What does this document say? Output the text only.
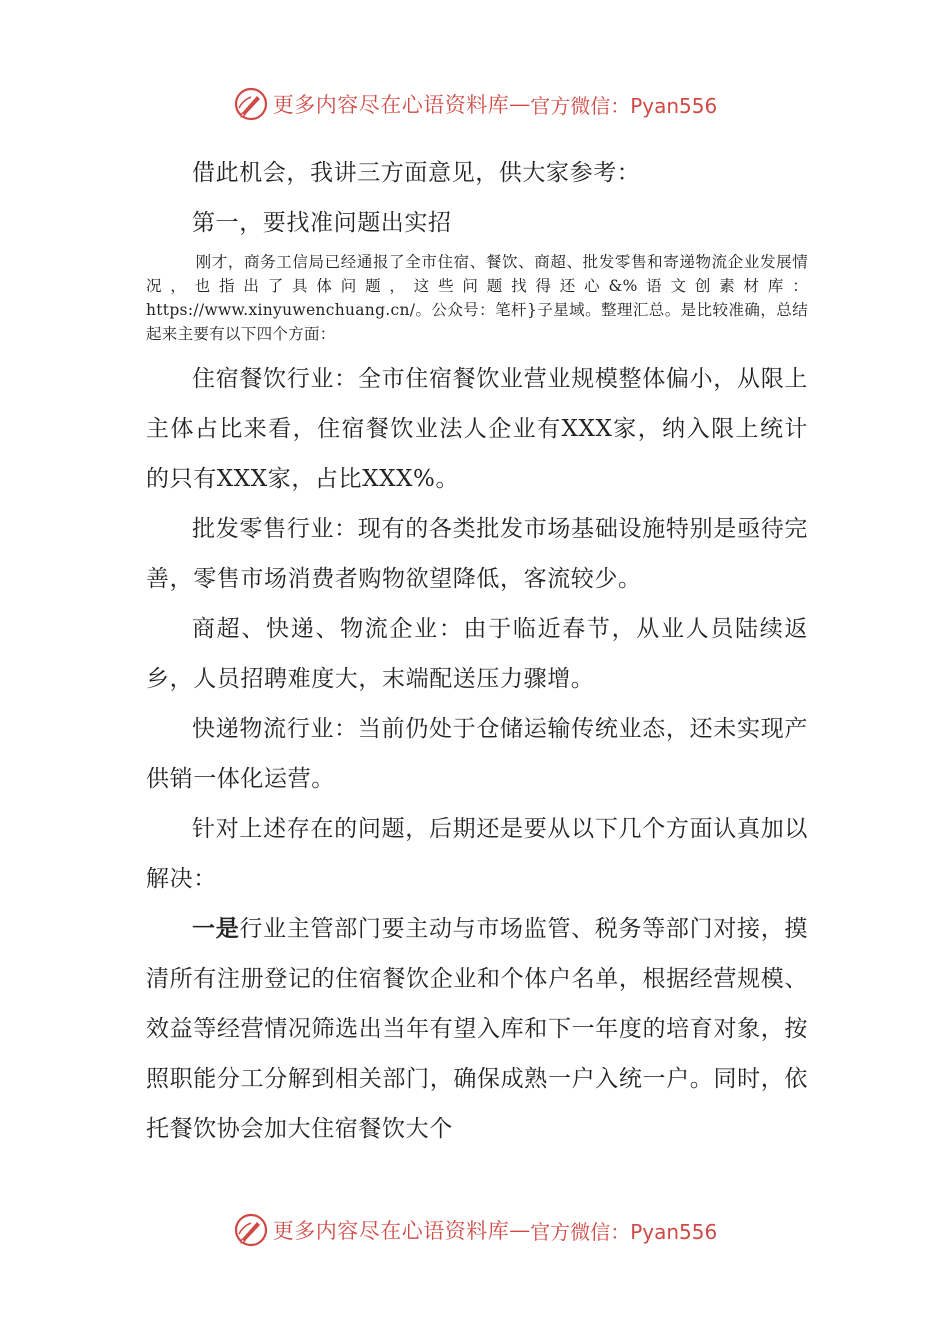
更多内容尽在心语资料库 — 官方微信：Pyan556

借此机会，我讲三方面意见，供大家参考：

第一，要找准问题出实招

刚才，商务工信局已经通报了全市住宿、餐饮、商超、批发零售和寄递物流企业发展情况，也指出了具体问题，这些问题找得还心&%语文创素材库：https://www.xinyuwenchuang.cn/。公众号：笔杆}子星域。整理汇总。是比较准确，总结起来主要有以下四个方面：

住宿餐饮行业：全市住宿餐饮业营业规模整体偏小，从限上主体占比来看，住宿餐饮业法人企业有XXX家，纳入限上统计的只有XXX家，占比XXX%。

批发零售行业：现有的各类批发市场基础设施特别是亟待完善，零售市场消费者购物欲望降低，客流较少。

商超、快递、物流企业：由于临近春节，从业人员陆续返乡，人员招聘难度大，末端配送压力骤增。

快递物流行业：当前仍处于仓储运输传统业态，还未实现产供销一体化运营。

针对上述存在的问题，后期还是要从以下几个方面认真加以解决：

一是行业主管部门要主动与市场监管、税务等部门对接，摸清所有注册登记的住宿餐饮企业和个体户名单，根据经营规模、效益等经营情况筛选出当年有望入库和下一年度的培育对象，按照职能分工分解到相关部门，确保成熟一户入统一户。同时，依托餐饮协会加大住宿餐饮大个

更多内容尽在心语资料库 — 官方微信：Pyan556
